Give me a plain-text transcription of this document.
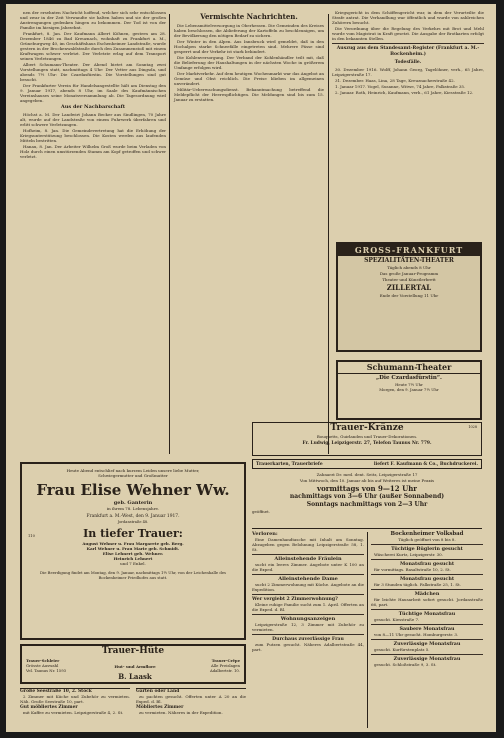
nen der ersehnten Nachricht hoffend, welcher sich sehr entschlossen und zwar in der Zeit Verwandte sie halten haben und sie der großen Anstrengungen gedenken hingen zu bekommen. Der Tod ist von der Familie im hiesigen Jahrzehnt.

Frankfurt, 8. Jan. Der Kaufmann Albert Köhnen, gestern am 28. Dezember 1846 zu Bad Kreuznach, wohnhaft zu Frankfurt a. M., Grüneburgweg 40, im Geschäftshaus Eschenheimer Landstraße, wurde gestern in der Brockenwaldstraße durch den Zusammenstoß mit einem Kraftwagen schwer verletzt. Der Verletzte erlag auf dem Transport seinen Verletzungen.

Albert Schumann-Theater. Der Abend bietet am Sonntag zwei Vorstellungen statt, nachmittags 4 Uhr: Der Vetter aus Dingsda, und abends 7½ Uhr: Die Czardasfürstin. Die Vorstellungen sind gut besucht.

Der Frankfurter Verein für Handelsangestellte hält am Dienstag den 9. Januar 1917, abends 8 Uhr, im Saale des Kaufmännischen Vereinshauses seine Monatsversammlung ab. Die Tagesordnung wird angegeben.

Aus der Nachbarschaft

Höchst a. M. Der Landwirt Johann Becker aus Sindlingen, 70 Jahre alt, wurde auf der Landstraße von einem Fuhrwerk überfahren und erlitt schwere Verletzungen.

Hofheim, 8. Jan. Die Gemeindevertretung hat die Erhöhung der Kriegsunterstützung beschlossen. Die Kosten werden aus laufenden Mitteln bestritten.

Hanau, 8. Jan. Der Arbeiter Wilhelm Groß wurde beim Verladen von Holz durch einen umstürzenden Stamm am Kopf getroffen und schwer verletzt.

Vermischte Nachrichten.

Die Lebensmittelversorgung in Oberhessen. Die Gemeinden des Kreises haben beschlossen, die Ablieferung der Kartoffeln zu beschleunigen, um der Bevölkerung den nötigen Bedarf zu sichern.

Der Winter in den Alpen. Aus Innsbruck wird gemeldet, daß in den Hochalpen starke Schneefälle eingetreten sind. Mehrere Pässe sind gesperrt und der Verkehr ist stark behindert.

Die Kohlenversorgung. Der Verband der Kohlenhändler teilt mit, daß die Belieferung der Haushaltungen in der nächsten Woche in größerem Umfange erfolgen wird.

Der Marktverkehr. Auf dem heutigen Wochenmarkt war das Angebot an Gemüse und Obst reichlich. Die Preise blieben im allgemeinen unverändert.

Militär-Ueberwachungsdienst. Bekanntmachung betreffend die Meldepflicht der Heerespflichtigen. Die Meldungen sind bis zum 15. Januar zu erstatten.

Kriegsgericht in dem Schöffengericht war, in dem der Verurteilte die Strafe antrat. Die Verhandlung war öffentlich und wurde von zahlreichen Zuhörern besucht.

Die Verordnung über die Regelung des Verkehrs mit Brot und Mehl wurde vom Magistrat in Kraft gesetzt. Die Ausgabe der Brotkarten erfolgt in den bekannten Stellen.

Auszug aus dem Standesamt-Register (Frankfurt a. M.-Bockenheim.)
Todesfälle.

30. Dezember 1916. Wolff, Johann Georg, Tagelöhner, verh., 65 Jahre, Leipzigerstraße 17.

31. Dezember. Haas, Lina, 28 Tage, Kreuznacherstraße 42.

1. Januar 1917. Vogel, Susanne, Witwe, 74 Jahre, Falkstraße 35.

2. Januar. Roth, Heinrich, Kaufmann, verh., 61 Jahre, Kiesstraße 12.

GROSS-FRANKFURT
SPEZIALITÄTEN-THEATER
Täglich abends 8 Uhr
Das große Januar-Programm
Theater und Künstlerbrett
ZILLERTAL
Ende der Vorstellung 11 Uhr
Schumann-Theater
„Die Czardasfürstin“.
Heute 7½ Uhr
Morgen, den 9. Januar 7½ Uhr
Heute Abend entschlief nach kurzem Leiden unsere liebe Mutter,
Schwiegermutter und Großmutter
Frau Elise Wehner Ww.
geb. Ganterin
in ihrem 78. Lebensjahre.
Frankfurt a. M.-West, den 9. Januar 1917.
Jordanstraße 48.
In tiefer Trauer:
August Wehner u. Frau Margarete geb. Berg.
Karl Wehner u. Frau Marie geb. Schmidt.
Elise Lehnert geb. Wehner.
Heinrich Lehnert
und 7 Enkel.
Die Beerdigung findet am Montag, den 9. Januar, nachmittags 1½ Uhr, von der Leichenhalle des Bockenheimer Friedhofes aus statt.
110
Trauer-Hüte
Trauer-Schleier
Grösste Auswahl
Vel. Taunus Nr. 1593
Hut- und Armflore
B. Laask
Trauer-Crêpe
Alle Preislagen
Adalbertstr. 10.
Große Seestraße 10, 2. Stock

2 Zimmer mit Küche und Zubehör zu vermieten. Näh. Große Seestraße 10, part.

Gut möbliertes Zimmer

mit Kaffee zu vermieten. Leipzigerstraße 4, 2. St.

Garten oder Land

zu pachten gesucht. Offerten unter A 20 an die Exped. d. Bl.

Möbliertes Zimmer

zu vermieten. Näheres in der Expedition.

Trauer-Kränze
Bouquetts, Guirlanden und Trauer-Dekorationen.
Fr. Ludwig, Leipzigerstr. 27, Telefon Taunus Nr. 779.
1028
Trauerkarten, Trauerbriefe	liefert F. Kaufmann & Co., Buchdruckerei.
Zahnarzt Dr. med. dent. Seitz, Leipzigerstraße 17
Von Mittwoch, den 10. Januar ab bis auf Weiteres ist meine Praxis
vormittags von 9—12 Uhr
nachmittags von 3—6 Uhr (außer Sonnabend)
Sonntags nachmittags von 2—3 Uhr
geöffnet.
Verloren:

Eine Damenhandtasche mit Inhalt am Sonntag. Abzugeben gegen Belohnung Leipzigerstraße 58, 1. St.

Alleinstehende Fräulein

sucht ein leeres Zimmer. Angebote unter K 100 an die Exped.

Alleinstehende Dame

sucht 2 Zimmerwohnung mit Küche. Angebote an die Expedition.

Wer vergiebt 2 Zimmerwohnung?

Kleine ruhige Familie sucht zum 1. April. Offerten an die Exped. d. Bl.

Wohnungsanzeigen

Leipzigerstraße 12, 3 Zimmer mit Zubehör zu vermieten.

Durchaus zuverlässige Frau

zum Putzen gesucht. Näheres Adalbertstraße 44, part.

Bockenheimer Volksbad
Täglich geöffnet von 8 bis 8.
Tüchtige Büglerin gesucht

Wäscherei Kurtz, Leipzigerstr. 30.

Monatsfrau gesucht

für vormittags. Basaltstraße 10, 2. St.

Monatsfrau gesucht

für 3 Stunden täglich. Falkstraße 25, 1. St.

Mädchen

für leichte Hausarbeit sofort gesucht. Jordanstraße 66, part.

Tüchtige Monatsfrau

gesucht. Kiesstraße 7.

Saubere Monatsfrau

von 8—11 Uhr gesucht. Homburgerstr. 3.

Zuverlässige Monatsfrau

gesucht. Kurfürstenplatz 5.

Zuverlässige Monatsfrau

gesucht. Schloßstraße 9, 3. St.
